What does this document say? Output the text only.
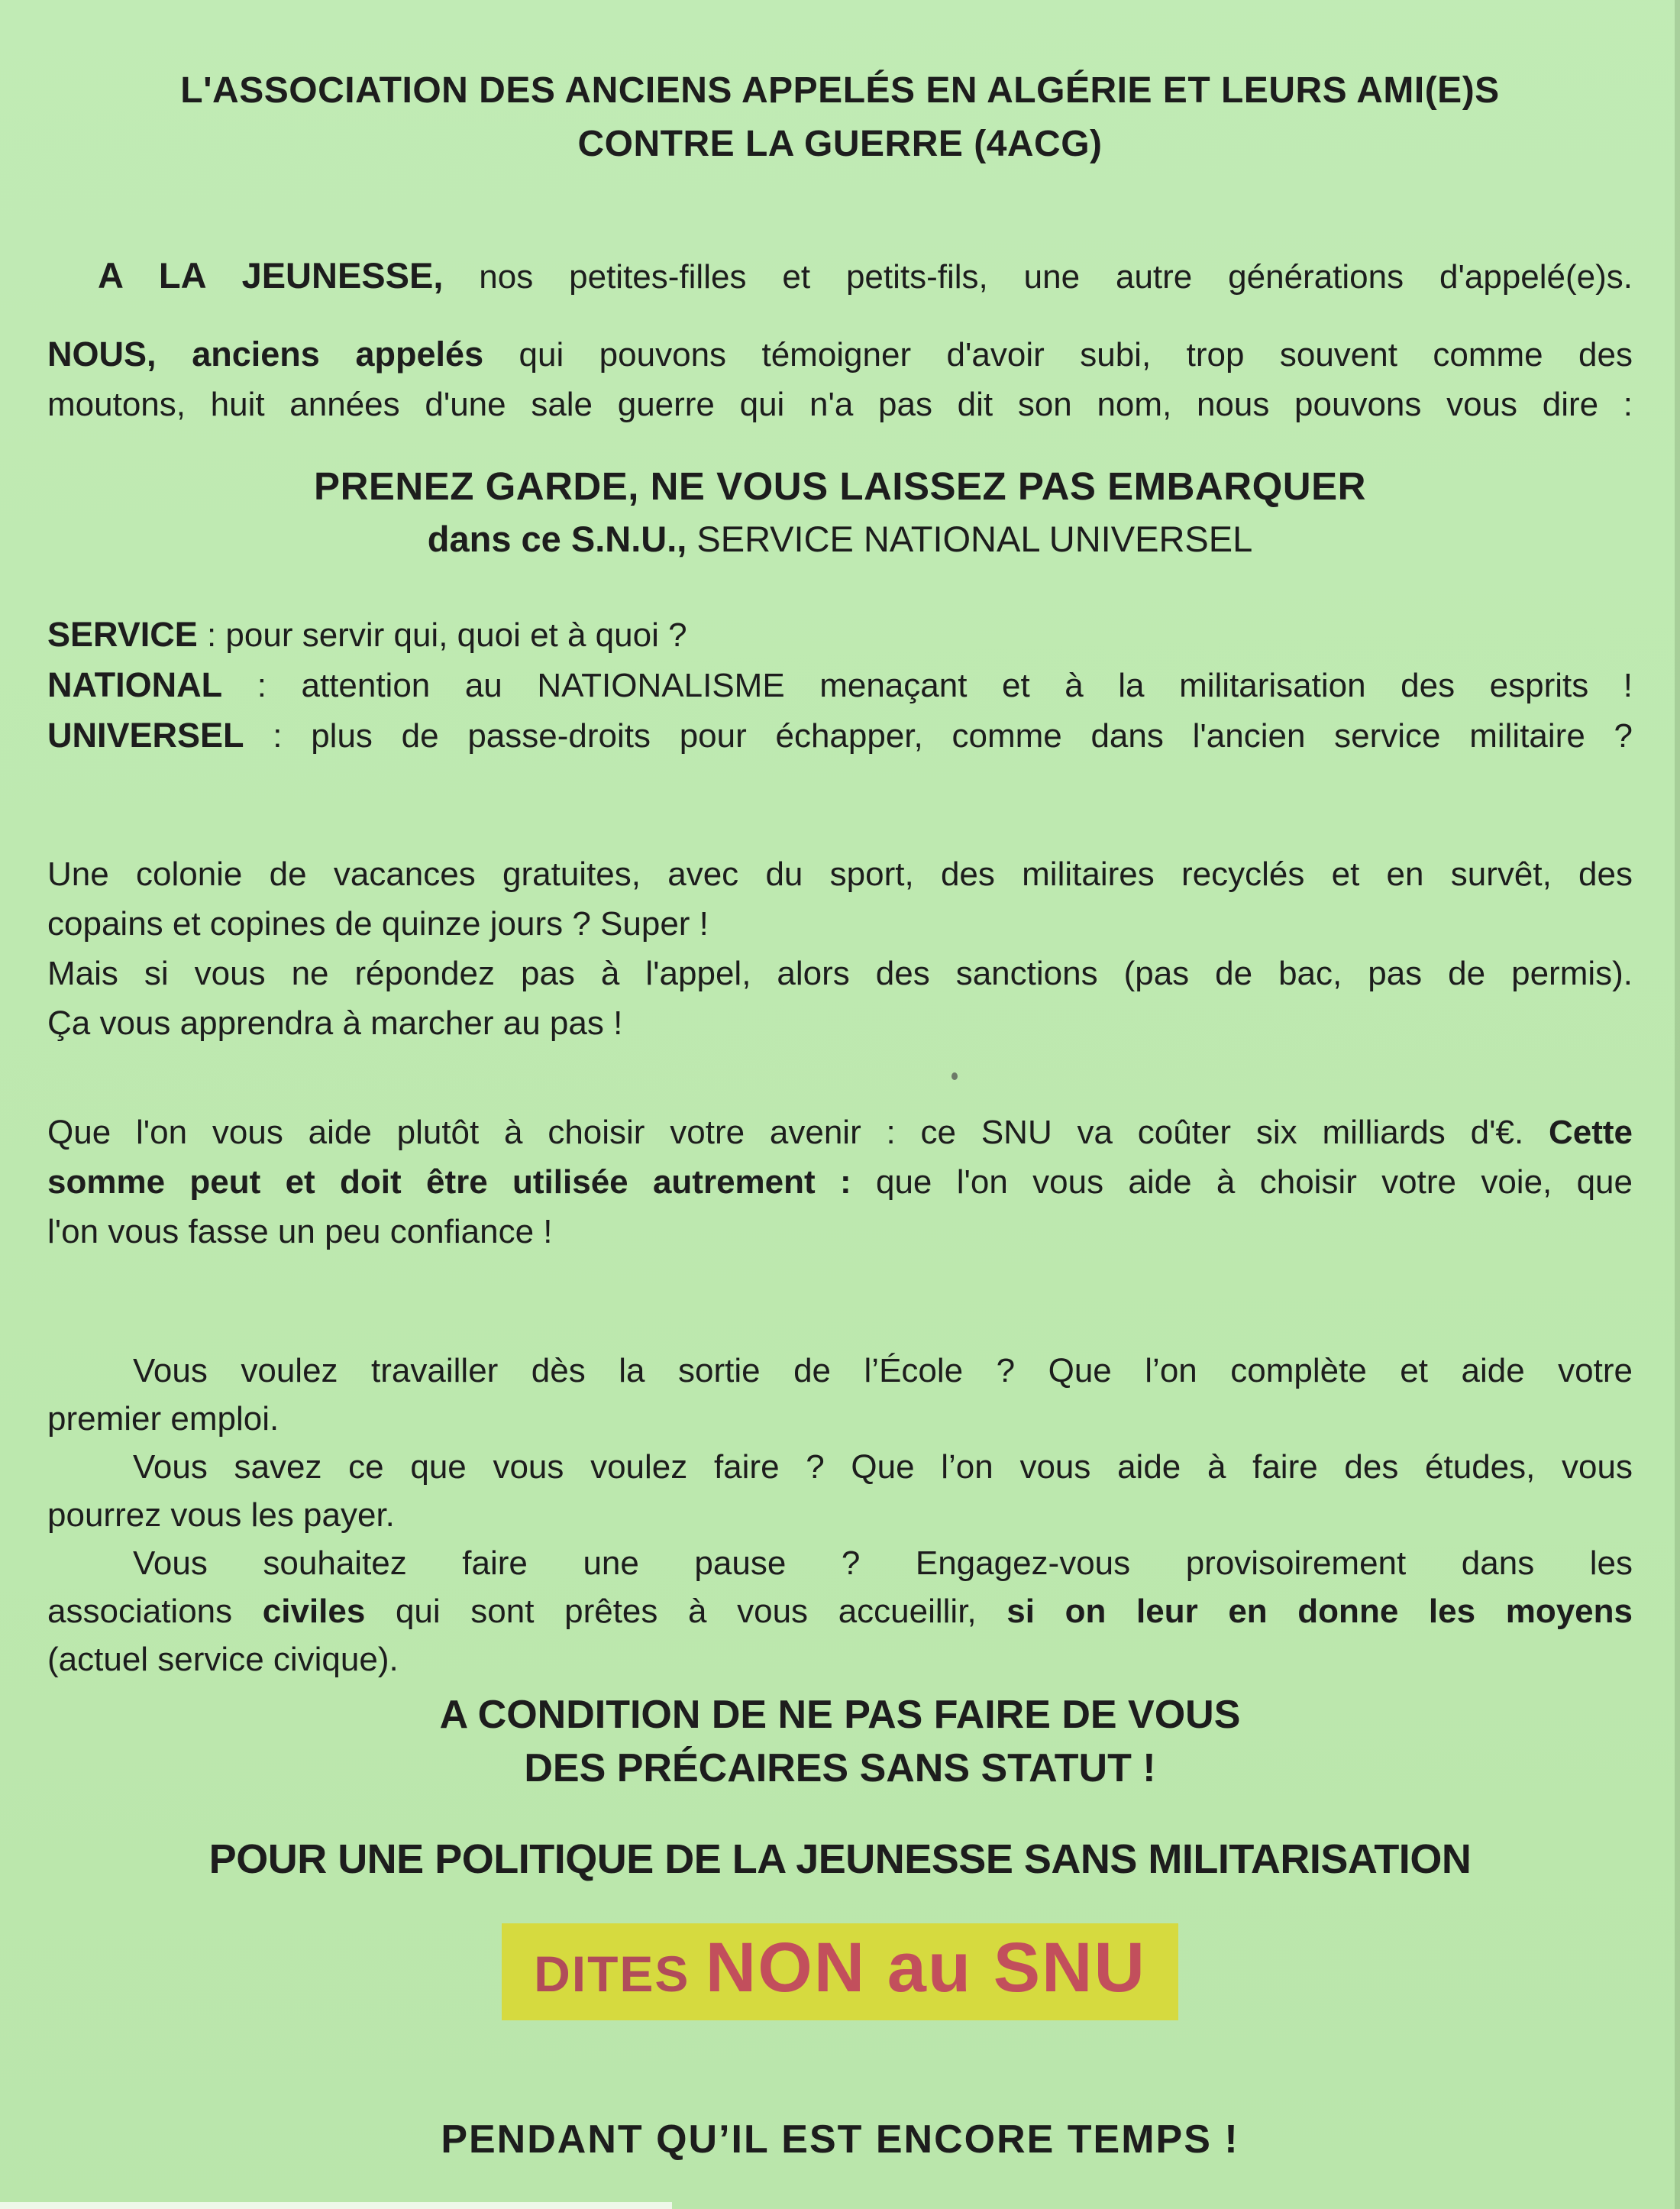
L'ASSOCIATION DES ANCIENS APPELÉS EN ALGÉRIE ET LEURS AMI(E)S
CONTRE LA GUERRE (4ACG)
A LA JEUNESSE, nos petites-filles et petits-fils, une autre générations d'appelé(e)s.
NOUS, anciens appelés qui pouvons témoigner d'avoir subi, trop souvent comme des
moutons, huit années d'une sale guerre qui n'a pas dit son nom, nous pouvons vous dire :
PRENEZ GARDE, NE VOUS LAISSEZ PAS EMBARQUER
dans ce S.N.U., SERVICE NATIONAL UNIVERSEL
SERVICE : pour servir qui, quoi et à quoi ?
NATIONAL : attention au NATIONALISME menaçant et à la militarisation des esprits !
UNIVERSEL : plus de passe-droits pour échapper, comme dans l'ancien service militaire ?
Une colonie de vacances gratuites, avec du sport, des militaires recyclés et en survêt, des
copains et copines de quinze jours ? Super !
Mais si vous ne répondez pas à l'appel, alors des sanctions (pas de bac, pas de permis).
Ça vous apprendra à marcher au pas !
Que l'on vous aide plutôt à choisir votre avenir : ce SNU va coûter six milliards d'€. Cette
somme peut et doit être utilisée autrement : que l'on vous aide à choisir votre voie, que
l'on vous fasse un peu confiance !
Vous voulez travailler dès la sortie de l’École ? Que l’on complète et aide votre
premier emploi.
Vous savez ce que vous voulez faire ? Que l’on vous aide à faire des études, vous
pourrez vous les payer.
Vous souhaitez faire une pause ? Engagez-vous provisoirement dans les
associations civiles qui sont prêtes à vous accueillir, si on leur en donne les moyens
(actuel service civique).
A CONDITION DE NE PAS FAIRE DE VOUS
DES PRÉCAIRES SANS STATUT !
POUR UNE POLITIQUE DE LA JEUNESSE SANS MILITARISATION
DITES NON au SNU
PENDANT QU’IL EST ENCORE TEMPS !
